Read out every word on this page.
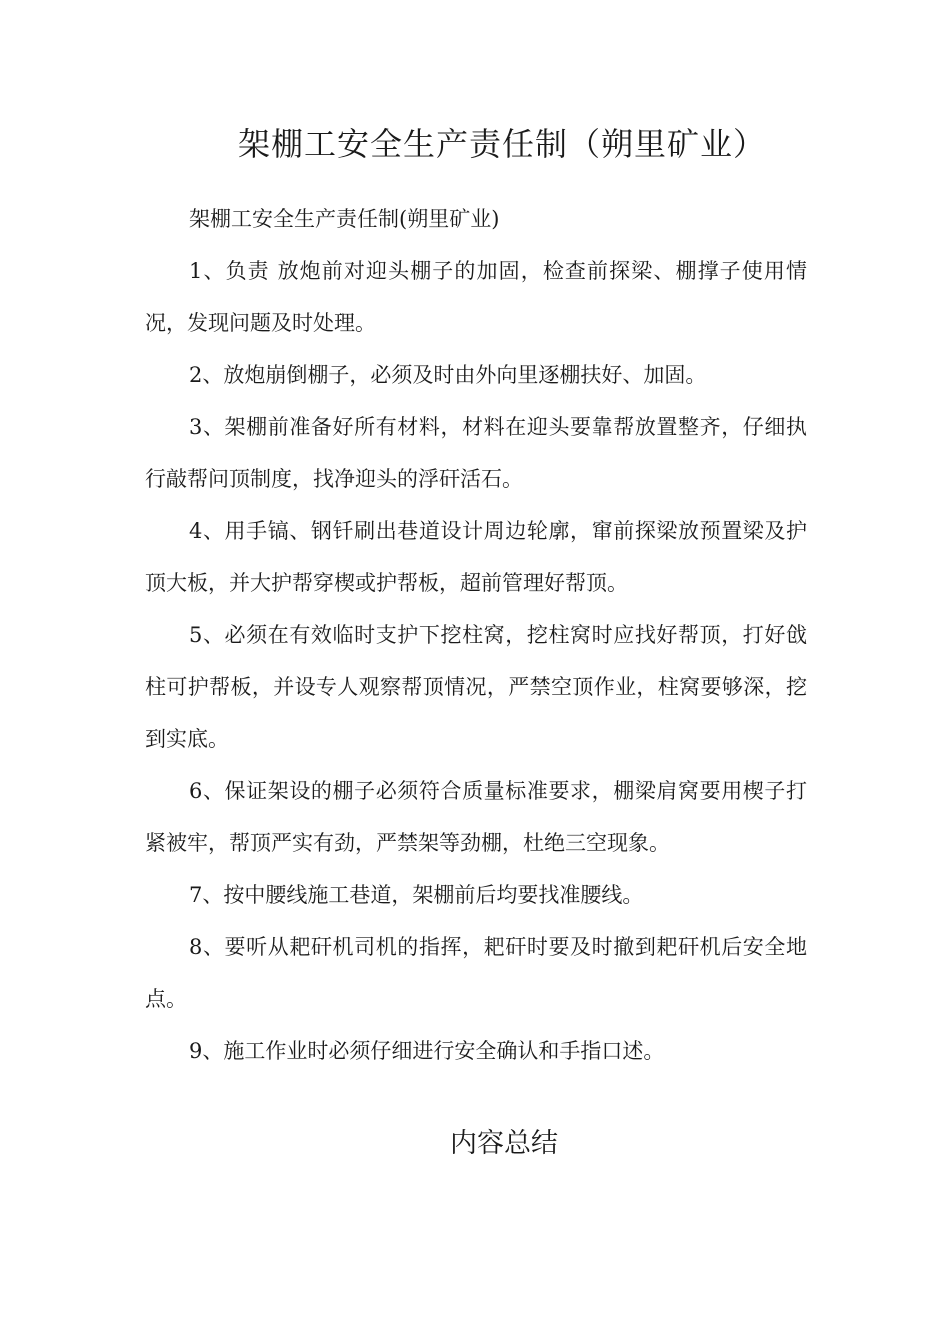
架棚工安全生产责任制（朔里矿业）

架棚工安全生产责任制(朔里矿业)

1、负责 放炮前对迎头棚子的加固，检查前探梁、棚撑子使用情况，发现问题及时处理。

2、放炮崩倒棚子，必须及时由外向里逐棚扶好、加固。

3、架棚前准备好所有材料，材料在迎头要靠帮放置整齐，仔细执行敲帮问顶制度，找净迎头的浮矸活石。

4、用手镐、钢钎刷出巷道设计周边轮廓，窜前探梁放预置梁及护顶大板，并大护帮穿楔或护帮板，超前管理好帮顶。

5、必须在有效临时支护下挖柱窝，挖柱窝时应找好帮顶，打好戗柱可护帮板，并设专人观察帮顶情况，严禁空顶作业，柱窝要够深，挖到实底。

6、保证架设的棚子必须符合质量标准要求，棚梁肩窝要用楔子打紧被牢，帮顶严实有劲，严禁架等劲棚，杜绝三空现象。

7、按中腰线施工巷道，架棚前后均要找准腰线。

8、要听从耙矸机司机的指挥，耙矸时要及时撤到耙矸机后安全地点。

9、施工作业时必须仔细进行安全确认和手指口述。

内容总结
